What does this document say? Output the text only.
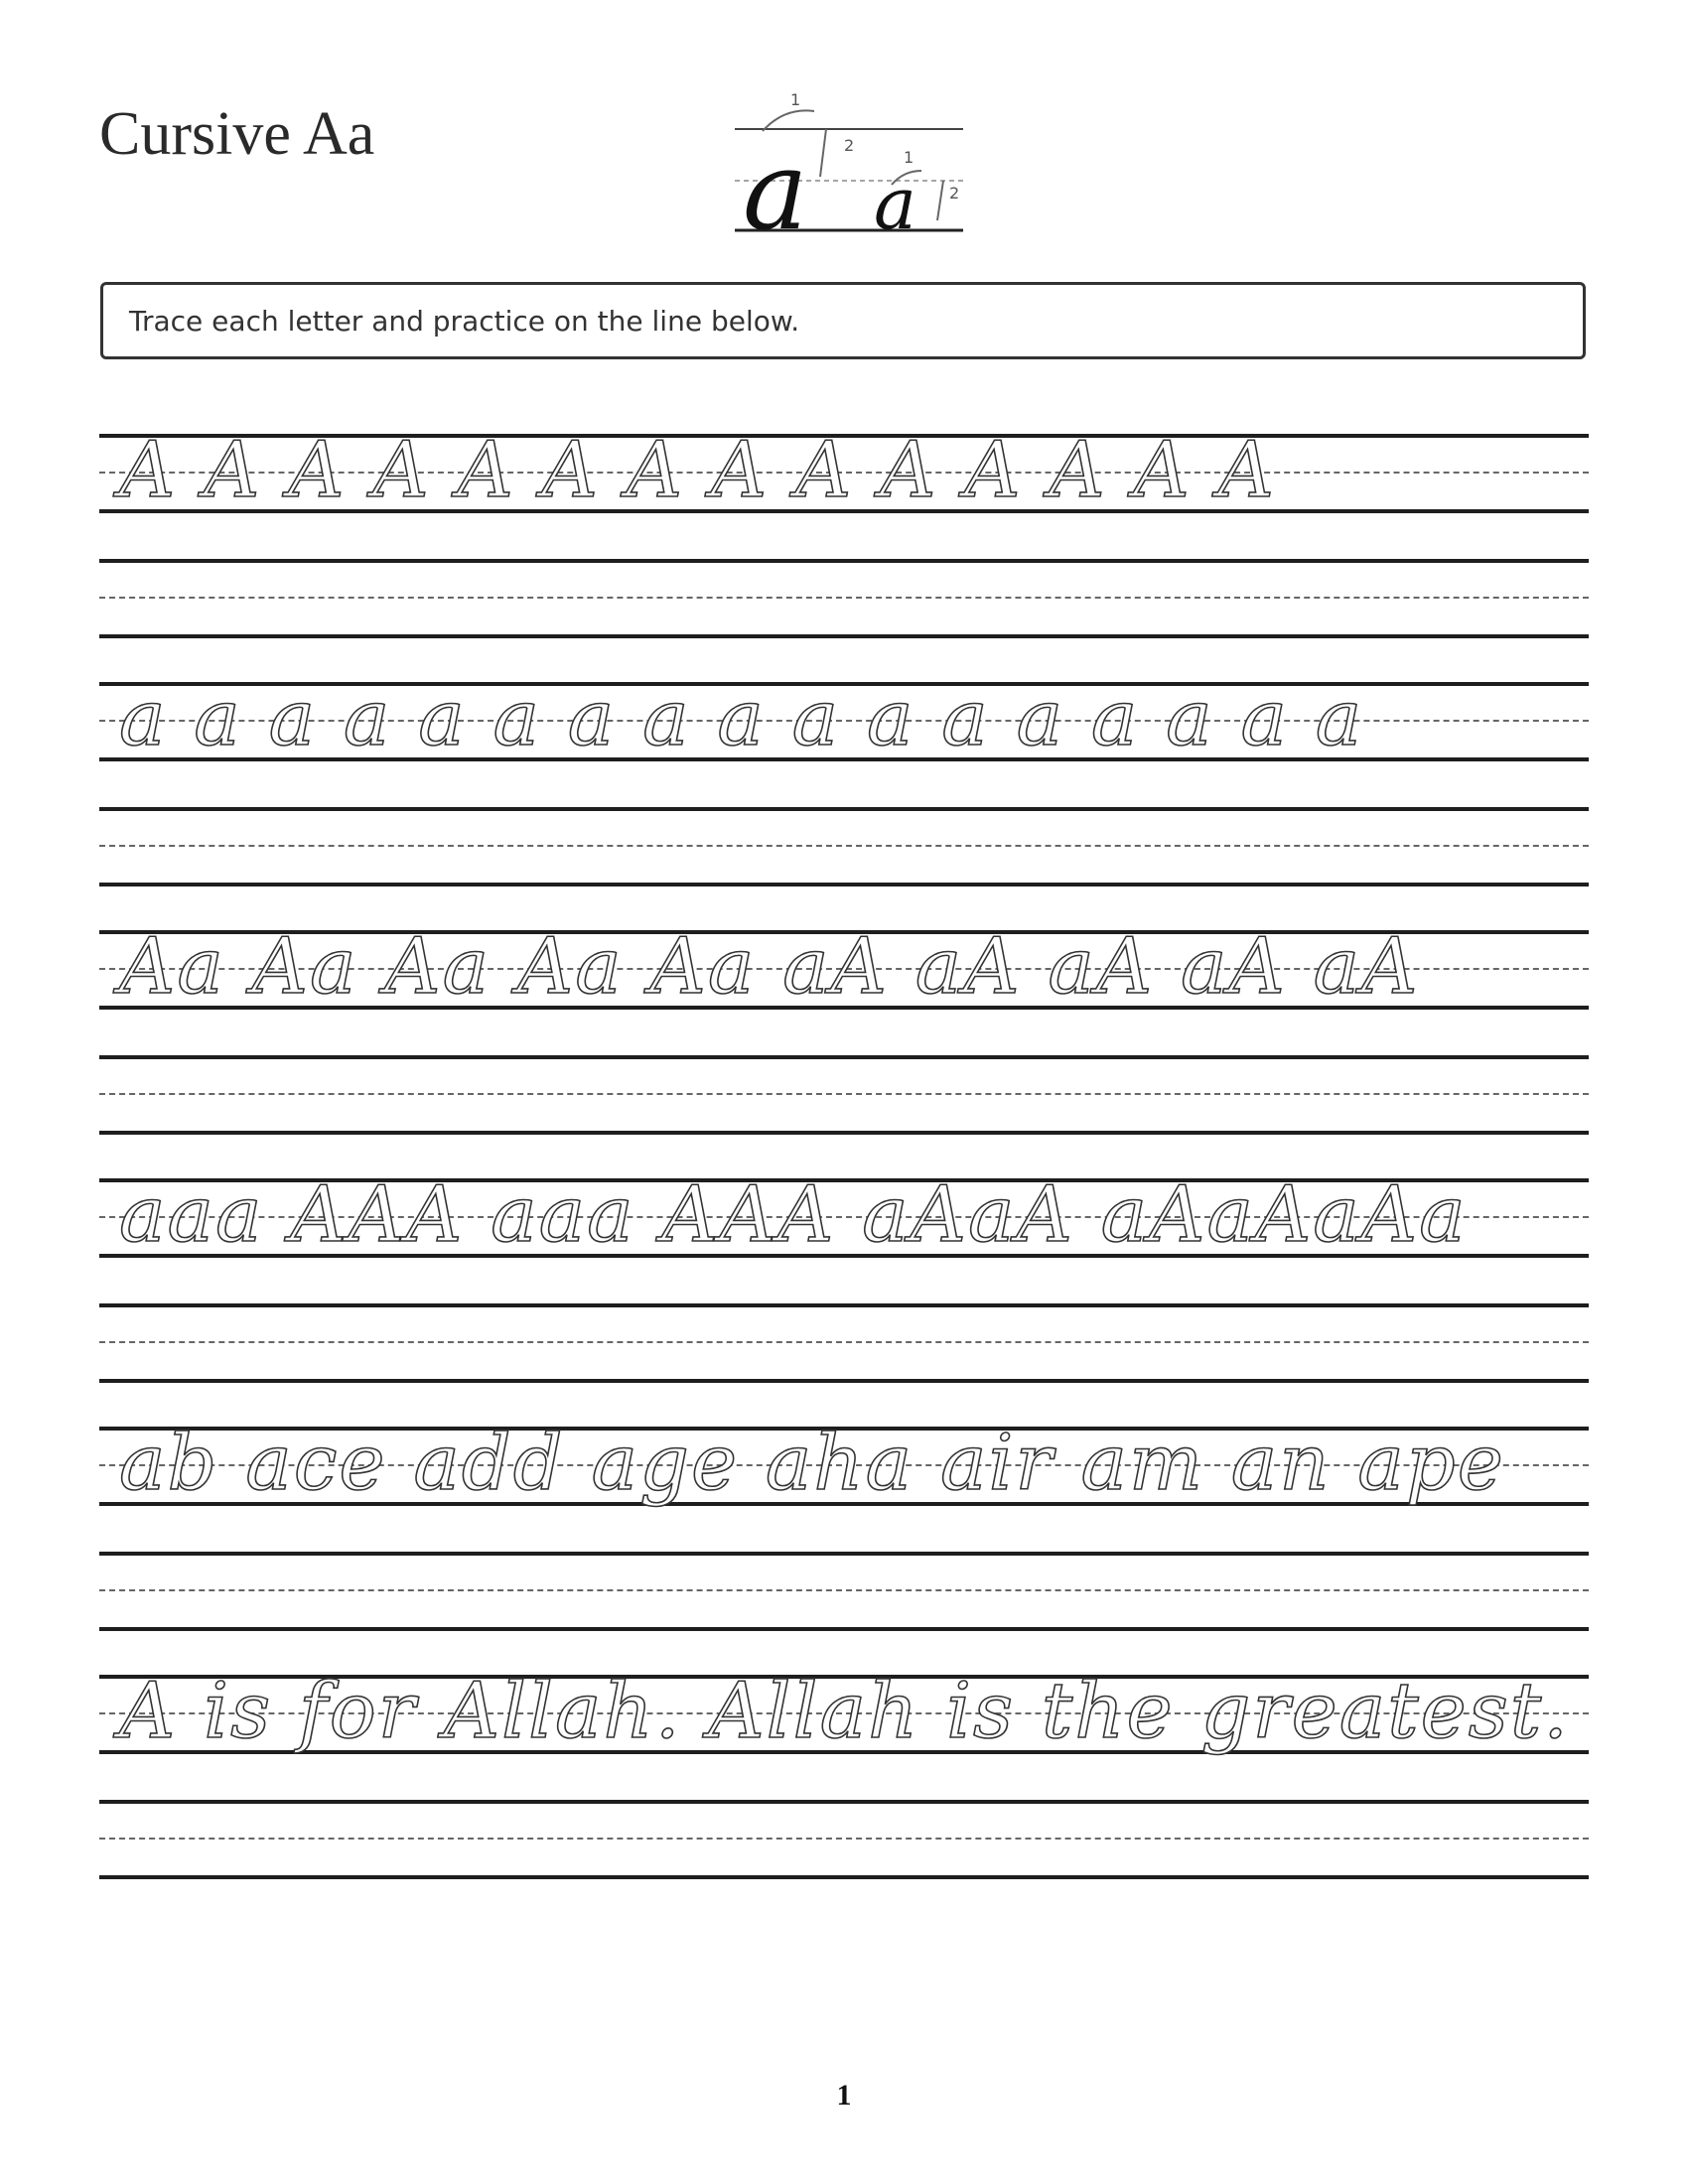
Cursive Aa	a a
1
2
1
2
Trace each letter and practice on the line below.
A A A A A A A A A A A A A A
a a a a a a a a a a a a a a a a a
Aa Aa Aa Aa Aa aA aA aA aA aA
aaa AAA aaa AAA aAaA aAaAaAa
ab ace add age aha air am an ape
A is for Allah. Allah is the greatest.
1
